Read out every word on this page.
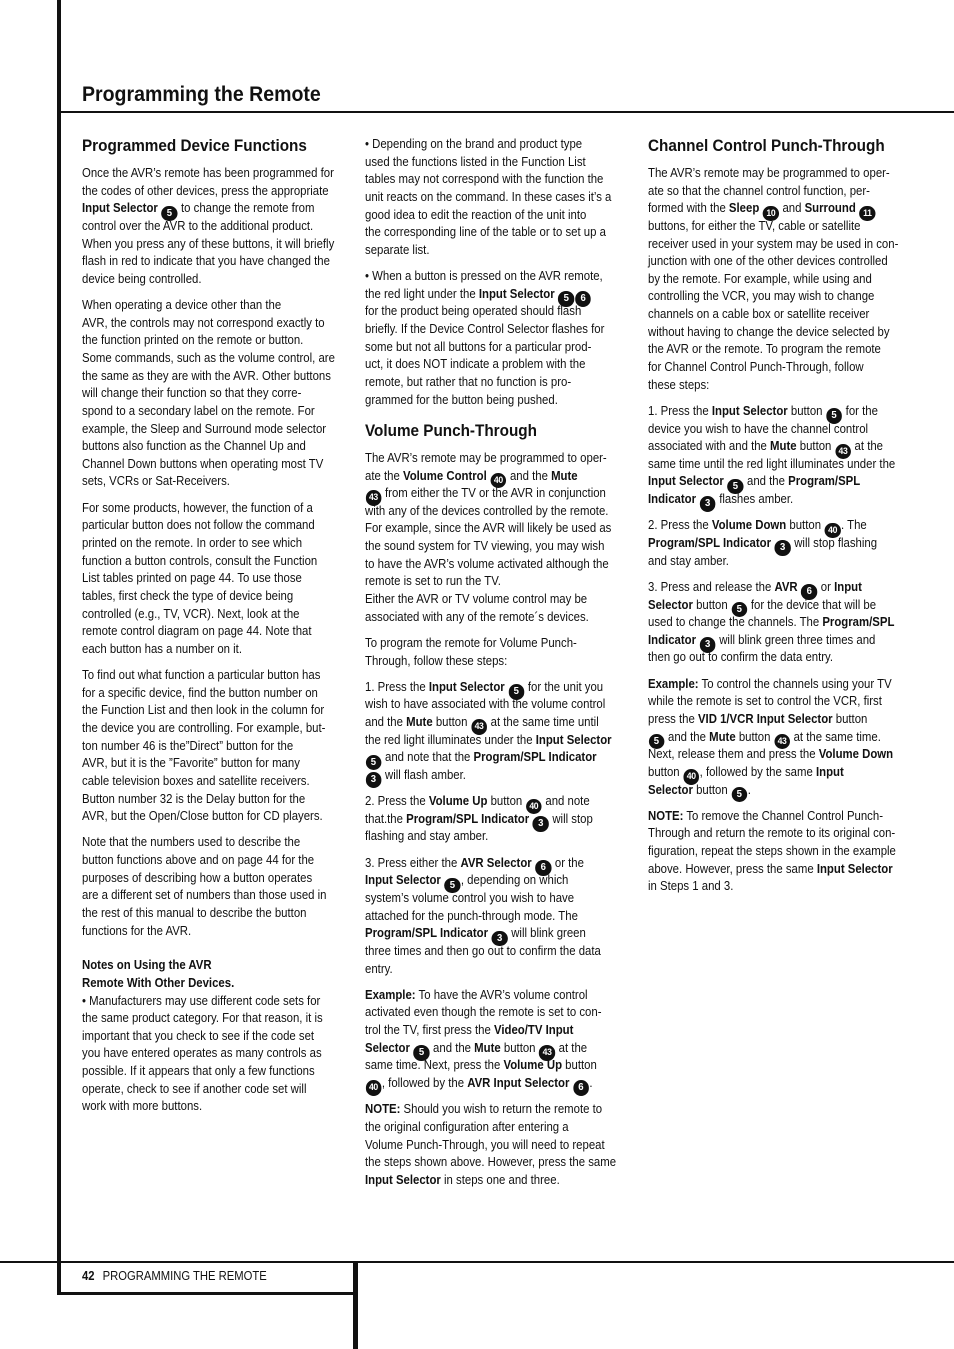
Programming the Remote
Programmed Device Functions
Once the AVR’s remote has been programmed for
the codes of other devices, press the appropriate
Input Selector 5 to change the remote from
control over the AVR to the additional product.
When you press any of these buttons, it will briefly
flash in red to indicate that you have changed the
device being controlled.
When operating a device other than the
AVR, the controls may not correspond exactly to
the function printed on the remote or button.
Some commands, such as the volume control, are
the same as they are with the AVR. Other buttons
will change their function so that they corre-
spond to a secondary label on the remote. For
example, the Sleep and Surround mode selector
buttons also function as the Channel Up and
Channel Down buttons when operating most TV
sets, VCRs or Sat-Receivers.
For some products, however, the function of a
particular button does not follow the command
printed on the remote. In order to see which
function a button controls, consult the Function
List tables printed on page 44. To use those
tables, first check the type of device being
controlled (e.g., TV, VCR). Next, look at the
remote control diagram on page 44. Note that
each button has a number on it.
To find out what function a particular button has
for a specific device, find the button number on
the Function List and then look in the column for
the device you are controlling. For example, but-
ton number 46 is the”Direct” button for the
AVR, but it is the ”Favorite” button for many
cable television boxes and satellite receivers.
Button number 32 is the Delay button for the
AVR, but the Open/Close button for CD players.
Note that the numbers used to describe the
button functions above and on page 44 for the
purposes of describing how a button operates
are a different set of numbers than those used in
the rest of this manual to describe the button
functions for the AVR.
Notes on Using the AVR
Remote With Other Devices.
• Manufacturers may use different code sets for
the same product category. For that reason, it is
important that you check to see if the code set
you have entered operates as many controls as
possible. If it appears that only a few functions
operate, check to see if another code set will
work with more buttons.
• Depending on the brand and product type
used the functions listed in the Function List
tables may not correspond with the function the
unit reacts on the command. In these cases it’s a
good idea to edit the reaction of the unit into
the corresponding line of the table or to set up a
separate list.
• When a button is pressed on the AVR remote,
the red light under the Input Selector 5 6
for the product being operated should flash
briefly. If the Device Control Selector flashes for
some but not all buttons for a particular prod-
uct, it does NOT indicate a problem with the
remote, but rather that no function is pro-
grammed for the button being pushed.
Volume Punch-Through
The AVR’s remote may be programmed to oper-
ate the Volume Control 40 and the Mute
43 from either the TV or the AVR in conjunction
with any of the devices controlled by the remote.
For example, since the AVR will likely be used as
the sound system for TV viewing, you may wish
to have the AVR’s volume activated although the
remote is set to run the TV.
Either the AVR or TV volume control may be
associated with any of the remote´s devices.
To program the remote for Volume Punch-
Through, follow these steps:
1. Press the Input Selector 5 for the unit you
wish to have associated with the volume control
and the Mute button 43 at the same time until
the red light illuminates under the Input Selector
5 and note that the Program/SPL Indicator
3 will flash amber.
2. Press the Volume Up button 40 and note
that.the Program/SPL Indicator 3 will stop
flashing and stay amber.
3. Press either the AVR Selector 6 or the
Input Selector 5 , depending on which
system’s volume control you wish to have
attached for the punch-through mode. The
Program/SPL Indicator 3 will blink green
three times and then go out to confirm the data
entry.
Example: To have the AVR’s volume control
activated even though the remote is set to con-
trol the TV, first press the Video/TV Input
Selector 5 and the Mute button 43 at the
same time. Next, press the Volume Up button
40 , followed by the AVR Input Selector 6 .
NOTE: Should you wish to return the remote to
the original configuration after entering a
Volume Punch-Through, you will need to repeat
the steps shown above. However, press the same
Input Selector in steps one and three.
Channel Control Punch-Through
The AVR’s remote may be programmed to oper-
ate so that the channel control function, per-
formed with the Sleep 10 and Surround 11
buttons, for either the TV, cable or satellite
receiver used in your system may be used in con-
junction with one of the other devices controlled
by the remote. For example, while using and
controlling the VCR, you may wish to change
channels on a cable box or satellite receiver
without having to change the device selected by
the AVR or the remote. To program the remote
for Channel Control Punch-Through, follow
these steps:
1. Press the Input Selector button 5 for the
device you wish to have the channel control
associated with and the Mute button 43 at the
same time until the red light illuminates under the
Input Selector 5 and the Program/SPL
Indicator 3 flashes amber.
2. Press the Volume Down button 40 . The
Program/SPL Indicator 3 will stop flashing
and stay amber.
3. Press and release the AVR 6 or Input
Selector button 5 for the device that will be
used to change the channels. The Program/SPL
Indicator 3 will blink green three times and
then go out to confirm the data entry.
Example: To control the channels using your TV
while the remote is set to control the VCR, first
press the VID 1/VCR Input Selector button
5 and the Mute button 43 at the same time.
Next, release them and press the Volume Down
button 40 , followed by the same Input
Selector button 5 .
NOTE: To remove the Channel Control Punch-
Through and return the remote to its original con-
figuration, repeat the steps shown in the example
above. However, press the same Input Selector
in Steps 1 and 3.
42 PROGRAMMING THE REMOTE
